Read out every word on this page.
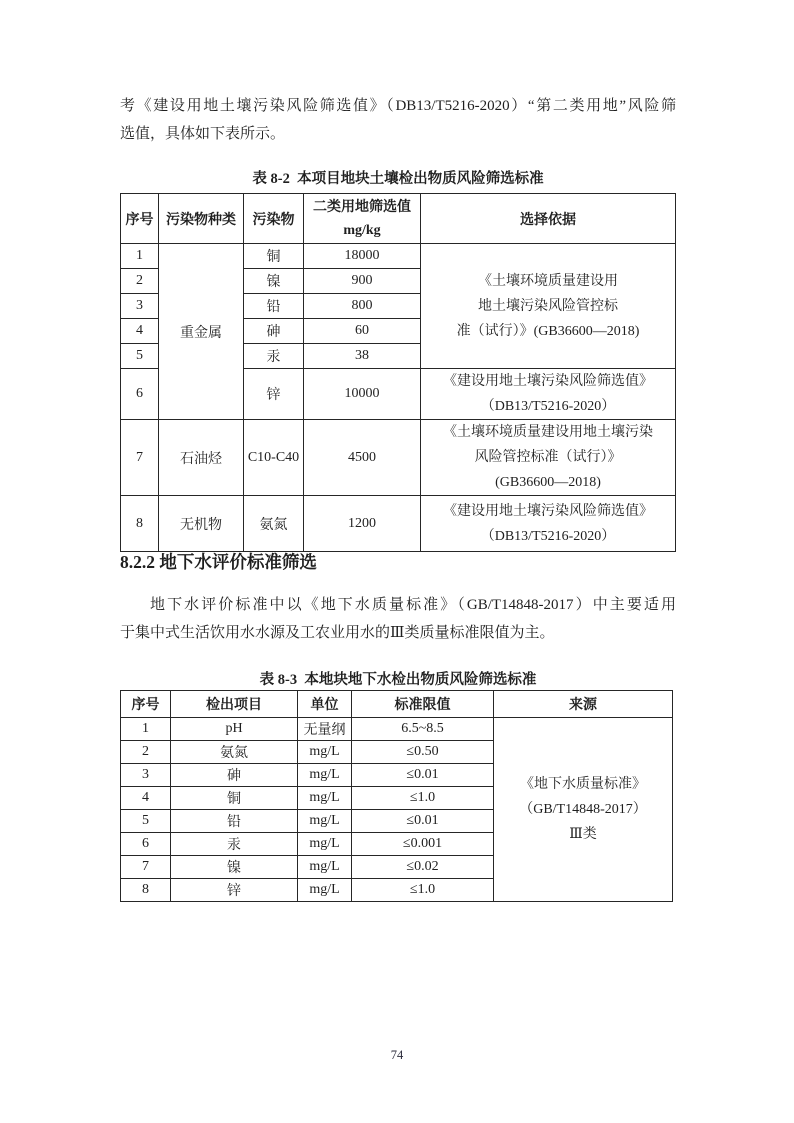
考《建设用地土壤污染风险筛选值》（DB13/T5216-2020）“第二类用地”风险筛
选值，具体如下表所示。
表 8-2  本项目地块土壤检出物质风险筛选标准
序号	污染物种类	污染物	二类用地筛选值
mg/kg	选择依据
1	重金属	铜	18000	《土壤环境质量建设用
地土壤污染风险管控标
准（试行）》(GB36600—2018)

2		镍	900	
3		铅	800	
4		砷	60	
5		汞	38	
6		锌	10000	《建设用地土壤污染风险筛选值》
（DB13/T5216-2020）

7	石油烃	C10-C40	4500	《土壤环境质量建设用地土壤污染
风险管控标准（试行）》
(GB36600—2018)

8	无机物	氨氮	1200	《建设用地土壤污染风险筛选值》
（DB13/T5216-2020）
8.2.2 地下水评价标准筛选
地下水评价标准中以《地下水质量标准》（GB/T14848-2017）中主要适用
于集中式生活饮用水水源及工农业用水的Ⅲ类质量标准限值为主。
表 8-3  本地块地下水检出物质风险筛选标准
序号	检出项目	单位	标准限值	来源
1	pH	无量纲	6.5~8.5	《地下水质量标准》
（GB/T14848-2017）
Ⅲ类

2	氨氮	mg/L	≤0.50	
3	砷	mg/L	≤0.01	
4	铜	mg/L	≤1.0	
5	铅	mg/L	≤0.01	
6	汞	mg/L	≤0.001	
7	镍	mg/L	≤0.02	
8	锌	mg/L	≤1.0	
74
